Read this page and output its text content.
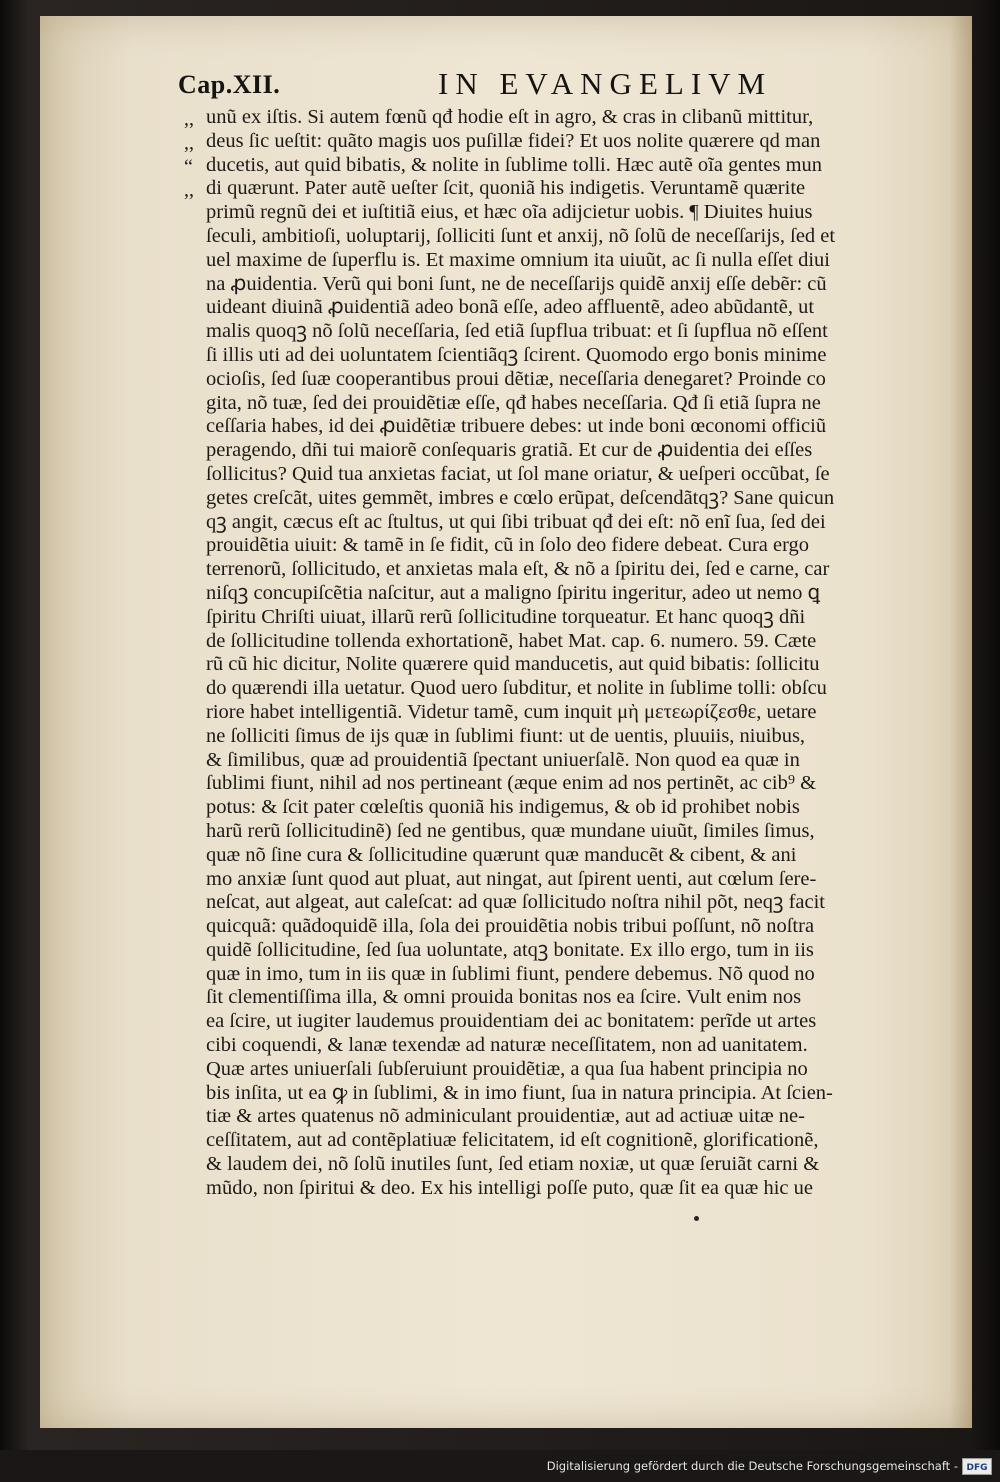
Cap.XII.	IN EVANGELIVM
,,
,,
“
,,
unũ ex iſtis. Si autem fœnũ qđ hodie eſt in agro, & cras in clibanũ mittitur,
deus ſic ueſtit: quãto magis uos puſillæ fidei? Et uos nolite quærere qd man
ducetis, aut quid bibatis, & nolite in ſublime tolli. Hæc autẽ oĩa gentes mun
di quærunt. Pater autẽ ueſter ſcit, quoniã his indigetis. Veruntamẽ quærite
primũ regnũ dei et iuſtitiã eius, et hæc oĩa adijcietur uobis. ¶ Diuites huius
ſeculi, ambitioſi, uoluptarij, ſolliciti ſunt et anxij, nõ ſolũ de neceſſarijs, ſed et
uel maxime de ſuperflu is. Et maxime omnium ita uiuũt, ac ſi nulla eſſet diui
na ꝓuidentia. Verũ qui boni ſunt, ne de neceſſarijs quidẽ anxij eſſe debẽr: cũ
uideant diuinã ꝓuidentiã adeo bonã eſſe, adeo affluentẽ, adeo abũdantẽ, ut
malis quoqꝫ nõ ſolũ neceſſaria, ſed etiã ſupflua tribuat: et ſi ſupflua nõ eſſent
ſi illis uti ad dei uoluntatem ſcientiãqꝫ ſcirent. Quomodo ergo bonis minime
ocioſis, ſed ſuæ cooperantibus proui dẽtiæ, neceſſaria denegaret? Proinde co
gita, nõ tuæ, ſed dei prouidẽtiæ eſſe, qđ habes neceſſaria. Qđ ſi etiã ſupra ne
ceſſaria habes, id dei ꝓuidẽtiæ tribuere debes: ut inde boni œconomi officiũ
peragendo, dñi tui maiorẽ conſequaris gratiã. Et cur de ꝓuidentia dei eſſes
ſollicitus? Quid tua anxietas faciat, ut ſol mane oriatur, & ueſperi occũbat, ſe
getes creſcãt, uites gemmẽt, imbres e cœlo erũpat, deſcendãtqꝫ? Sane quicun
qꝫ angit, cæcus eſt ac ſtultus, ut qui ſibi tribuat qđ dei eſt: nõ enĩ ſua, ſed dei
prouidẽtia uiuit: & tamẽ in ſe fidit, cũ in ſolo deo fidere debeat. Cura ergo
terrenorũ, ſollicitudo, et anxietas mala eſt, & nõ a ſpiritu dei, ſed e carne, car
niſqꝫ concupiſcẽtia naſcitur, aut a maligno ſpiritu ingeritur, adeo ut nemo ꝗ
ſpiritu Chriſti uiuat, illarũ rerũ ſollicitudine torqueatur. Et hanc quoqꝫ dñi
de ſollicitudine tollenda exhortationẽ, habet Mat. cap. 6. numero. 59. Cæte
rũ cũ hic dicitur, Nolite quærere quid manducetis, aut quid bibatis: ſollicitu
do quærendi illa uetatur. Quod uero ſubditur, et nolite in ſublime tolli: obſcu
riore habet intelligentiã. Videtur tamẽ, cum inquit μὴ μετεωρίζεσθε, uetare
ne ſolliciti ſimus de ijs quæ in ſublimi fiunt: ut de uentis, pluuiis, niuibus,
& ſimilibus, quæ ad prouidentiã ſpectant uniuerſalẽ. Non quod ea quæ in
ſublimi fiunt, nihil ad nos pertineant (æque enim ad nos pertinẽt, ac cib⁹ &
potus: & ſcit pater cœleſtis quoniã his indigemus, & ob id prohibet nobis
harũ rerũ ſollicitudinẽ) ſed ne gentibus, quæ mundane uiuũt, ſimiles ſimus,
quæ nõ ſine cura & ſollicitudine quærunt quæ manducẽt & cibent, & ani
mo anxiæ ſunt quod aut pluat, aut ningat, aut ſpirent uenti, aut cœlum ſere-
neſcat, aut algeat, aut caleſcat: ad quæ ſollicitudo noſtra nihil põt, neqꝫ facit
quicquã: quãdoquidẽ illa, ſola dei prouidẽtia nobis tribui poſſunt, nõ noſtra
quidẽ ſollicitudine, ſed ſua uoluntate, atqꝫ bonitate. Ex illo ergo, tum in iis
quæ in imo, tum in iis quæ in ſublimi fiunt, pendere debemus. Nõ quod no
ſit clementiſſima illa, & omni prouida bonitas nos ea ſcire. Vult enim nos
ea ſcire, ut iugiter laudemus prouidentiam dei ac bonitatem: perĩde ut artes
cibi coquendi, & lanæ texendæ ad naturæ neceſſitatem, non ad uanitatem.
Quæ artes uniuerſali ſubſeruiunt prouidẽtiæ, a qua ſua habent principia no
bis inſita, ut ea ꝙ in ſublimi, & in imo fiunt, ſua in natura principia. At ſcien-
tiæ & artes quatenus nõ adminiculant prouidentiæ, aut ad actiuæ uitæ ne-
ceſſitatem, aut ad contẽplatiuæ felicitatem, id eſt cognitionẽ, glorificationẽ,
& laudem dei, nõ ſolũ inutiles ſunt, ſed etiam noxiæ, ut quæ ſeruiãt carni &
mũdo, non ſpiritui & deo. Ex his intelligi poſſe puto, quæ ſit ea quæ hic ue
Digitalisierung gefördert durch die Deutsche Forschungsgemeinschaft - DFG
